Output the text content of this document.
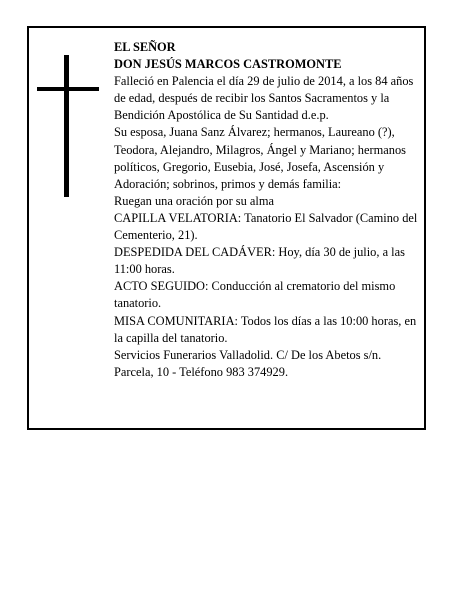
EL SEÑOR

DON JESÚS MARCOS CASTROMONTE

Falleció en Palencia el día 29 de julio de 2014, a los 84 años de edad, después de recibir los Santos Sacramentos y la Bendición Apostólica de Su Santidad d.e.p.

Su esposa, Juana Sanz Álvarez; hermanos, Laureano (?), Teodora, Alejandro, Milagros, Ángel y Mariano; hermanos políticos, Gregorio, Eusebia, José, Josefa, Ascensión y Adoración; sobrinos, primos y demás familia:

Ruegan una oración por su alma

CAPILLA VELATORIA: Tanatorio El Salvador (Camino del Cementerio, 21).

DESPEDIDA DEL CADÁVER: Hoy, día 30 de julio, a las 11:00 horas.

ACTO SEGUIDO: Conducción al crematorio del mismo tanatorio.

MISA COMUNITARIA: Todos los días a las 10:00 horas, en la capilla del tanatorio.

Servicios Funerarios Valladolid. C/ De los Abetos s/n. Parcela, 10 - Teléfono 983 374929.
